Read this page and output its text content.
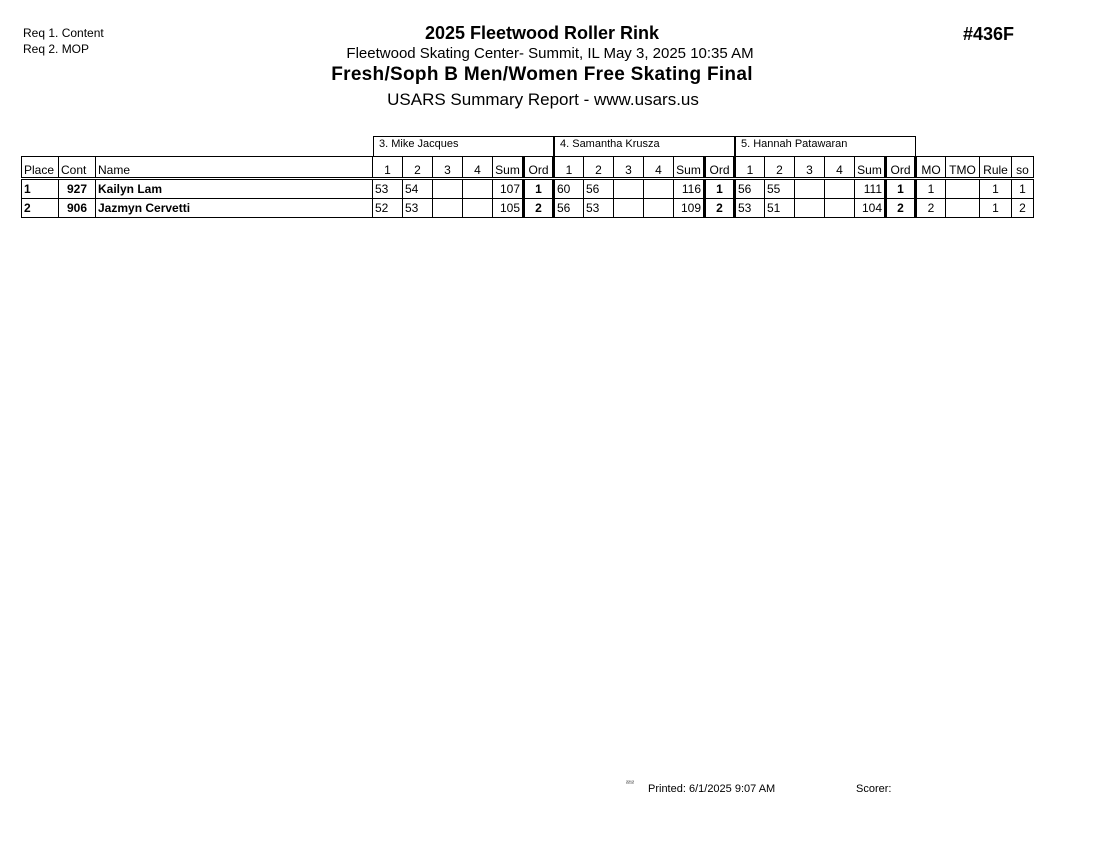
Req 1. Content
Req 2. MOP
2025 Fleetwood Roller Rink
Fleetwood Skating Center- Summit, IL May 3, 2025 10:35 AM
Fresh/Soph B Men/Women Free Skating Final
USARS Summary Report - www.usars.us
#436F
3. Mike Jacques	4. Samantha Krusza	5. Hannah Patawaran
Place	Cont	Name	1	2	3	4	Sum	Ord	1	2	3	4	Sum	Ord	1	2	3	4	Sum	Ord	MO	TMO	Rule	so
1	927	Kailyn Lam	53	54			107	1	60	56			116	1	56	55			111	1	1		1	1
2	906	Jazmyn Cervetti	52	53			105	2	56	53			109	2	53	51			104	2	2		1	2
²²¹² Printed: 6/1/2025 9:07 AM	Scorer:
